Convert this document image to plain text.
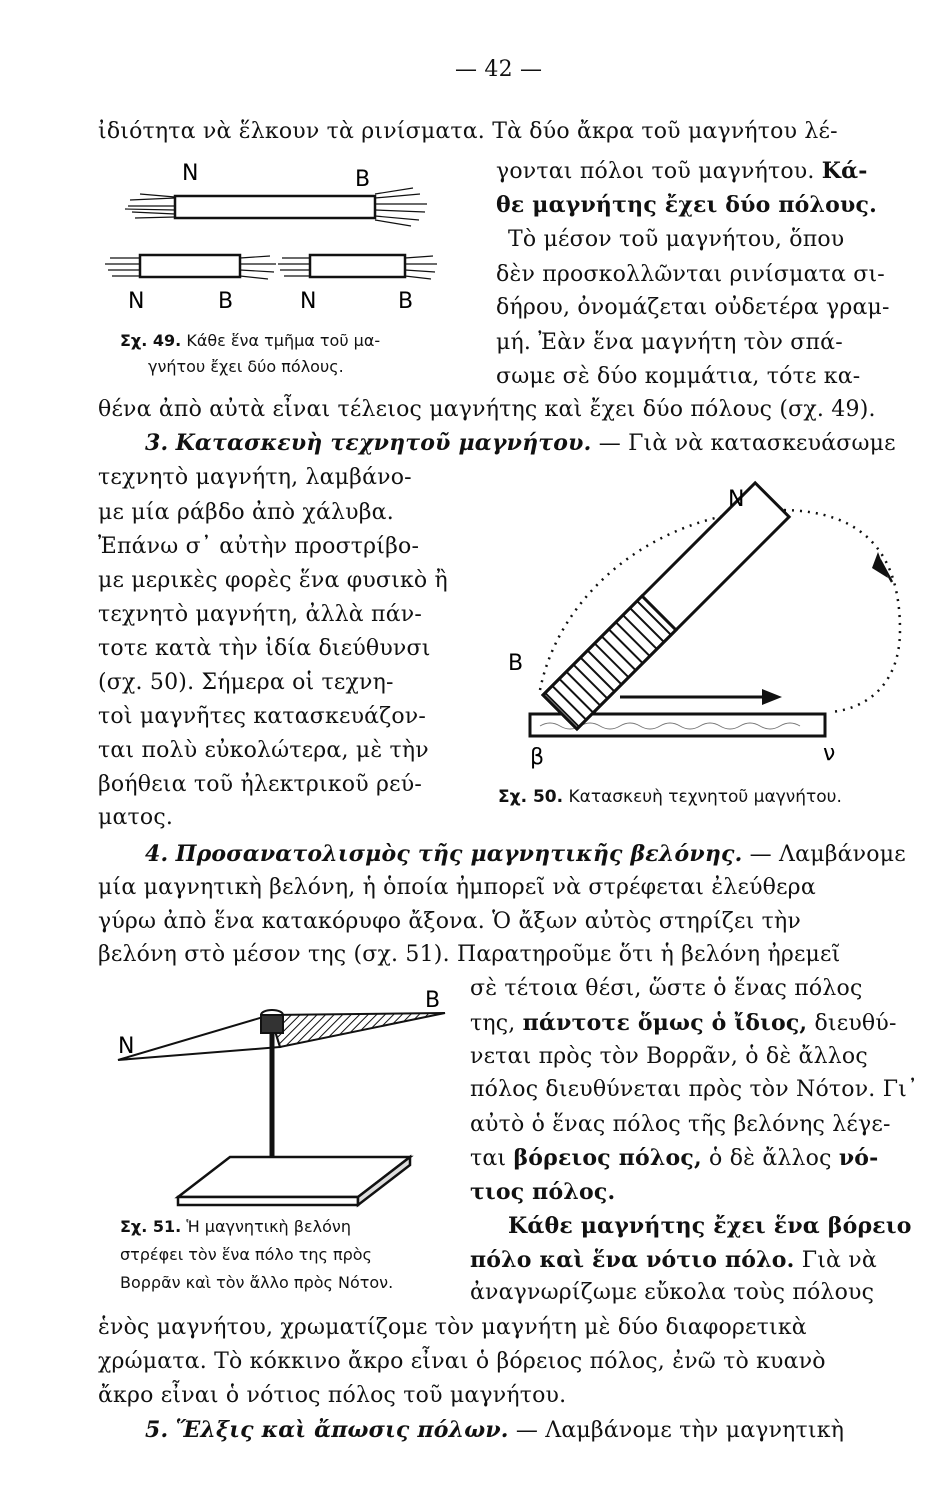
— 42 —
ἰδιότητα νὰ ἕλκουν τὰ ρινίσματα. Τὰ δύο ἄκρα τοῦ μαγνήτου λέ-
γονται πόλοι τοῦ μαγνήτου. Κά-
θε μαγνήτης ἔχει δύο πόλους.
Τὸ μέσον τοῦ μαγνήτου, ὅπου
δὲν προσκολλῶνται ρινίσματα σι-
δήρου, ὀνομάζεται οὐδετέρα γραμ-
μή. Ἐὰν ἕνα μαγνήτη τὸν σπά-
σωμε σὲ δύο κομμάτια, τότε κα-
θένα ἀπὸ αὐτὰ εἶναι τέλειος μαγνήτης καὶ ἔχει δύο πόλους (σχ. 49).
N	B
N	B	N	B
Σχ. 49. Κάθε ἕνα τμῆμα τοῦ μα-
γνήτου ἔχει δύο πόλους.
3. Κατασκευὴ τεχνητοῦ μαγνήτου. — Γιὰ νὰ κατασκευάσωμε
τεχνητὸ μαγνήτη, λαμβάνο-
με μία ράβδο ἀπὸ χάλυβα.
Ἐπάνω σ᾽ αὐτὴν προστρίβο-
με μερικὲς φορὲς ἕνα φυσικὸ ἢ
τεχνητὸ μαγνήτη, ἀλλὰ πάν-
τοτε κατὰ τὴν ἰδία διεύθυνσι
(σχ. 50). Σήμερα οἱ τεχνη-
τοὶ μαγνῆτες κατασκευάζον-
ται πολὺ εὐκολώτερα, μὲ τὴν
βοήθεια τοῦ ἠλεκτρικοῦ ρεύ-
ματος.
N
B
β	ν
Σχ. 50. Κατασκευὴ τεχνητοῦ μαγνήτου.
4. Προσανατολισμὸς τῆς μαγνητικῆς βελόνης. — Λαμβάνομε
μία μαγνητικὴ βελόνη, ἡ ὁποία ἠμπορεῖ νὰ στρέφεται ἐλεύθερα
γύρω ἀπὸ ἕνα κατακόρυφο ἄξονα. Ὁ ἄξων αὐτὸς στηρίζει τὴν
βελόνη στὸ μέσον της (σχ. 51). Παρατηροῦμε ὅτι ἡ βελόνη ἠρεμεῖ
σὲ τέτοια θέσι, ὥστε ὁ ἕνας πόλος
της, πάντοτε ὅμως ὁ ἴδιος, διευθύ-
νεται πρὸς τὸν Βορρᾶν, ὁ δὲ ἄλλος
πόλος διευθύνεται πρὸς τὸν Νότον. Γι᾽
αὐτὸ ὁ ἕνας πόλος τῆς βελόνης λέγε-
ται βόρειος πόλος, ὁ δὲ ἄλλος νό-
τιος πόλος.
Κάθε μαγνήτης ἔχει ἕνα βόρειο
πόλο καὶ ἕνα νότιο πόλο. Γιὰ νὰ
ἀναγνωρίζωμε εὔκολα τοὺς πόλους
N
B
Σχ. 51. Ἡ μαγνητικὴ βελόνη
στρέφει τὸν ἕνα πόλο της πρὸς
Βορρᾶν καὶ τὸν ἄλλο πρὸς Νότον.
ἑνὸς μαγνήτου, χρωματίζομε τὸν μαγνήτη μὲ δύο διαφορετικὰ
χρώματα. Τὸ κόκκινο ἄκρο εἶναι ὁ βόρειος πόλος, ἐνῶ τὸ κυανὸ
ἄκρο εἶναι ὁ νότιος πόλος τοῦ μαγνήτου.
5. Ἕλξις καὶ ἄπωσις πόλων. — Λαμβάνομε τὴν μαγνητικὴ
